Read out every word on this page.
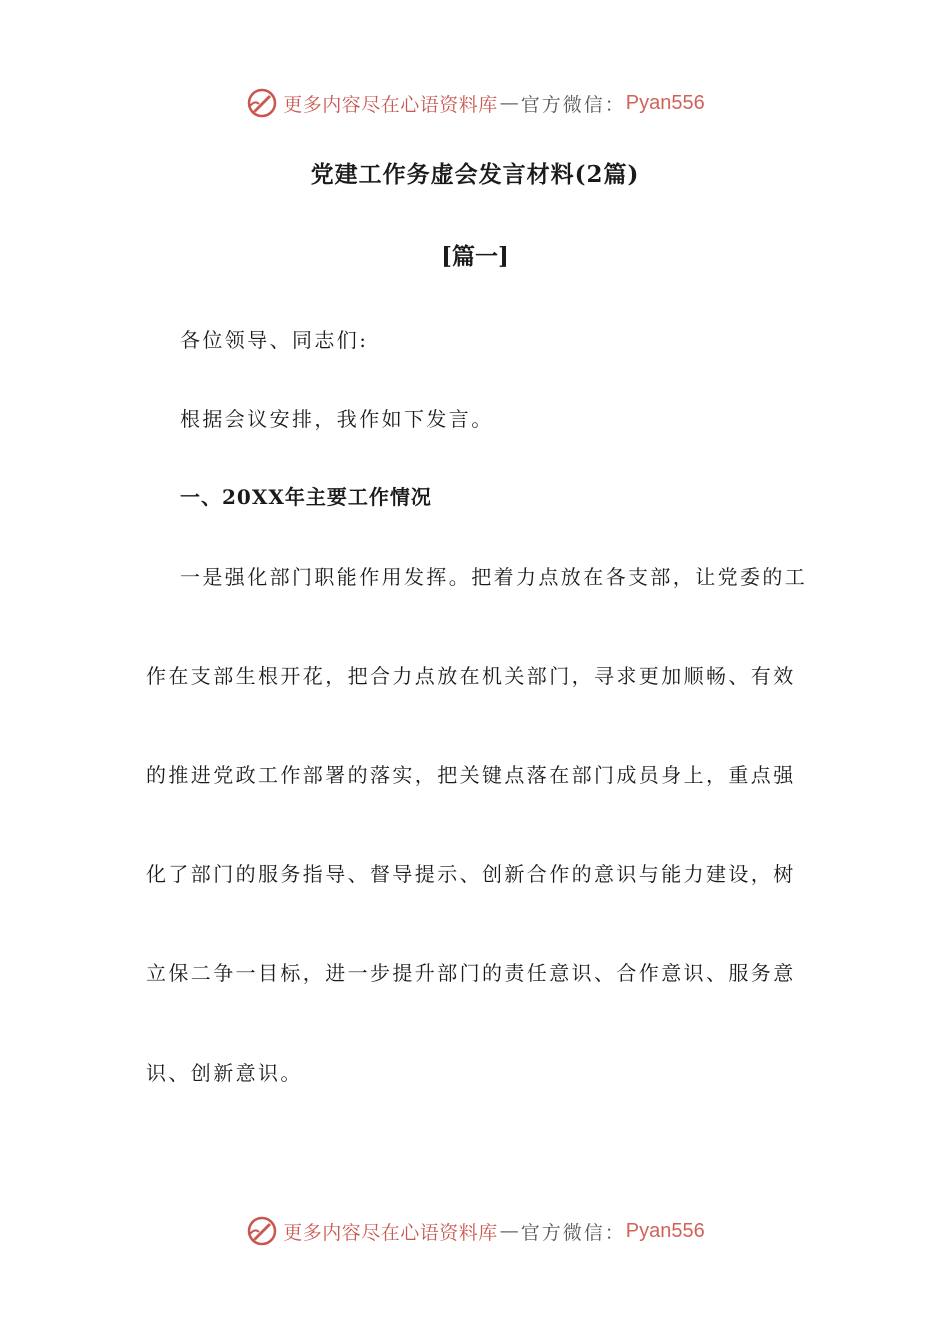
更多内容尽在心语资料库 — 官方微信： Pyan556
党建工作务虚会发言材料(2篇)
[篇一]

各位领导、同志们:

根据会议安排，我作如下发言。

一、20XX年主要工作情况

一是强化部门职能作用发挥。把着力点放在各支部，让党委的工

作在支部生根开花，把合力点放在机关部门，寻求更加顺畅、有效

的推进党政工作部署的落实，把关键点落在部门成员身上，重点强

化了部门的服务指导、督导提示、创新合作的意识与能力建设，树

立保二争一目标，进一步提升部门的责任意识、合作意识、服务意

识、创新意识。

更多内容尽在心语资料库 — 官方微信： Pyan556
